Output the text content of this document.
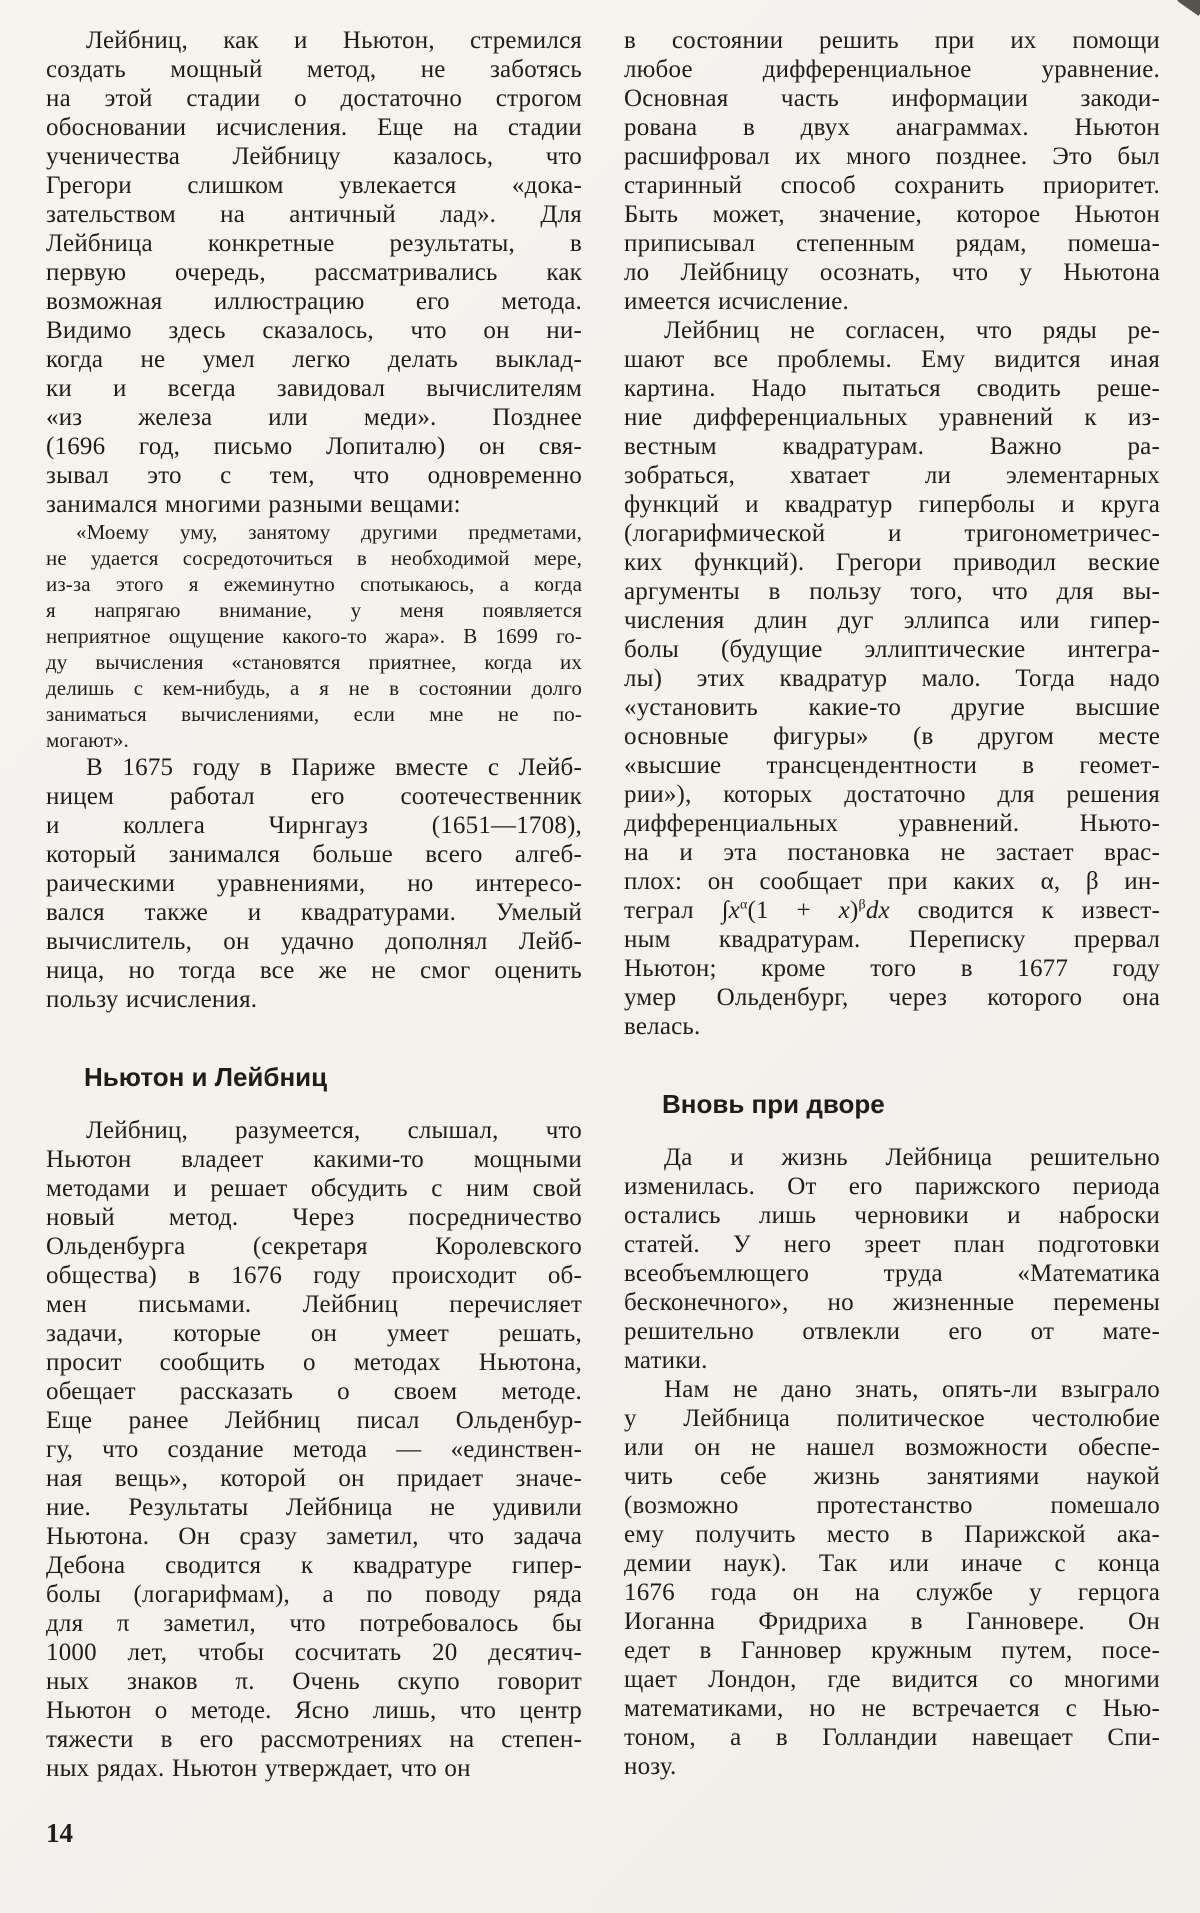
Лейбниц, как и Ньютон, стремился
создать мощный метод, не заботясь
на этой стадии о достаточно строгом
обосновании исчисления. Еще на стадии
ученичества Лейбницу казалось, что
Грегори слишком увлекается «дока-
зательством на античный лад». Для
Лейбница конкретные результаты, в
первую очередь, рассматривались как
возможная иллюстрацию его метода.
Видимо здесь сказалось, что он ни-
когда не умел легко делать выклад-
ки и всегда завидовал вычислителям
«из железа или меди». Позднее
(1696 год, письмо Лопиталю) он свя-
зывал это с тем, что одновременно
занимался многими разными вещами:
«Моему уму, занятому другими предметами,
не удается сосредоточиться в необходимой мере,
из-за этого я ежеминутно спотыкаюсь, а когда
я напрягаю внимание, у меня появляется
неприятное ощущение какого-то жара». В 1699 го-
ду вычисления «становятся приятнее, когда их
делишь с кем-нибудь, а я не в состоянии долго
заниматься вычислениями, если мне не по-
могают».
В 1675 году в Париже вместе с Лейб-
ницем работал его соотечественник
и коллега Чирнгауз (1651—1708),
который занимался больше всего алгеб-
раическими уравнениями, но интересо-
вался также и квадратурами. Умелый
вычислитель, он удачно дополнял Лейб-
ница, но тогда все же не смог оценить
пользу исчисления.
Ньютон и Лейбниц
Лейбниц, разумеется, слышал, что
Ньютон владеет какими-то мощными
методами и решает обсудить с ним свой
новый метод. Через посредничество
Ольденбурга (секретаря Королевского
общества) в 1676 году происходит об-
мен письмами. Лейбниц перечисляет
задачи, которые он умеет решать,
просит сообщить о методах Ньютона,
обещает рассказать о своем методе.
Еще ранее Лейбниц писал Ольденбур-
гу, что создание метода — «единствен-
ная вещь», которой он придает значе-
ние. Результаты Лейбница не удивили
Ньютона. Он сразу заметил, что задача
Дебона сводится к квадратуре гипер-
болы (логарифмам), а по поводу ряда
для π заметил, что потребовалось бы
1000 лет, чтобы сосчитать 20 десятич-
ных знаков π. Очень скупо говорит
Ньютон о методе. Ясно лишь, что центр
тяжести в его рассмотрениях на степен-
ных рядах. Ньютон утверждает, что он
в состоянии решить при их помощи
любое дифференциальное уравнение.
Основная часть информации закоди-
рована в двух анаграммах. Ньютон
расшифровал их много позднее. Это был
старинный способ сохранить приоритет.
Быть может, значение, которое Ньютон
приписывал степенным рядам, помеша-
ло Лейбницу осознать, что у Ньютона
имеется исчисление.
Лейбниц не согласен, что ряды ре-
шают все проблемы. Ему видится иная
картина. Надо пытаться сводить реше-
ние дифференциальных уравнений к из-
вестным квадратурам. Важно ра-
зобраться, хватает ли элементарных
функций и квадратур гиперболы и круга
(логарифмической и тригонометричес-
ких функций). Грегори приводил веские
аргументы в пользу того, что для вы-
числения длин дуг эллипса или гипер-
болы (будущие эллиптические интегра-
лы) этих квадратур мало. Тогда надо
«установить какие-то другие высшие
основные фигуры» (в другом месте
«высшие трансцендентности в геомет-
рии»), которых достаточно для решения
дифференциальных уравнений. Ньюто-
на и эта постановка не застает врас-
плох: он сообщает при каких α, β ин-
теграл $\int x^\alpha(1 + x)^\beta dx$ сводится к извест-
ным квадратурам. Переписку прервал
Ньютон; кроме того в 1677 году
умер Ольденбург, через которого она
велась.
Вновь при дворе
Да и жизнь Лейбница решительно
изменилась. От его парижского периода
остались лишь черновики и наброски
статей. У него зреет план подготовки
всеобъемлющего труда «Математика
бесконечного», но жизненные перемены
решительно отвлекли его от мате-
матики.
Нам не дано знать, опять-ли взыграло
у Лейбница политическое честолюбие
или он не нашел возможности обеспе-
чить себе жизнь занятиями наукой
(возможно протестанство помешало
ему получить место в Парижской ака-
демии наук). Так или иначе с конца
1676 года он на службе у герцога
Иоганна Фридриха в Ганновере. Он
едет в Ганновер кружным путем, посе-
щает Лондон, где видится со многими
математиками, но не встречается с Нью-
тоном, а в Голландии навещает Спи-
нозу.
14
